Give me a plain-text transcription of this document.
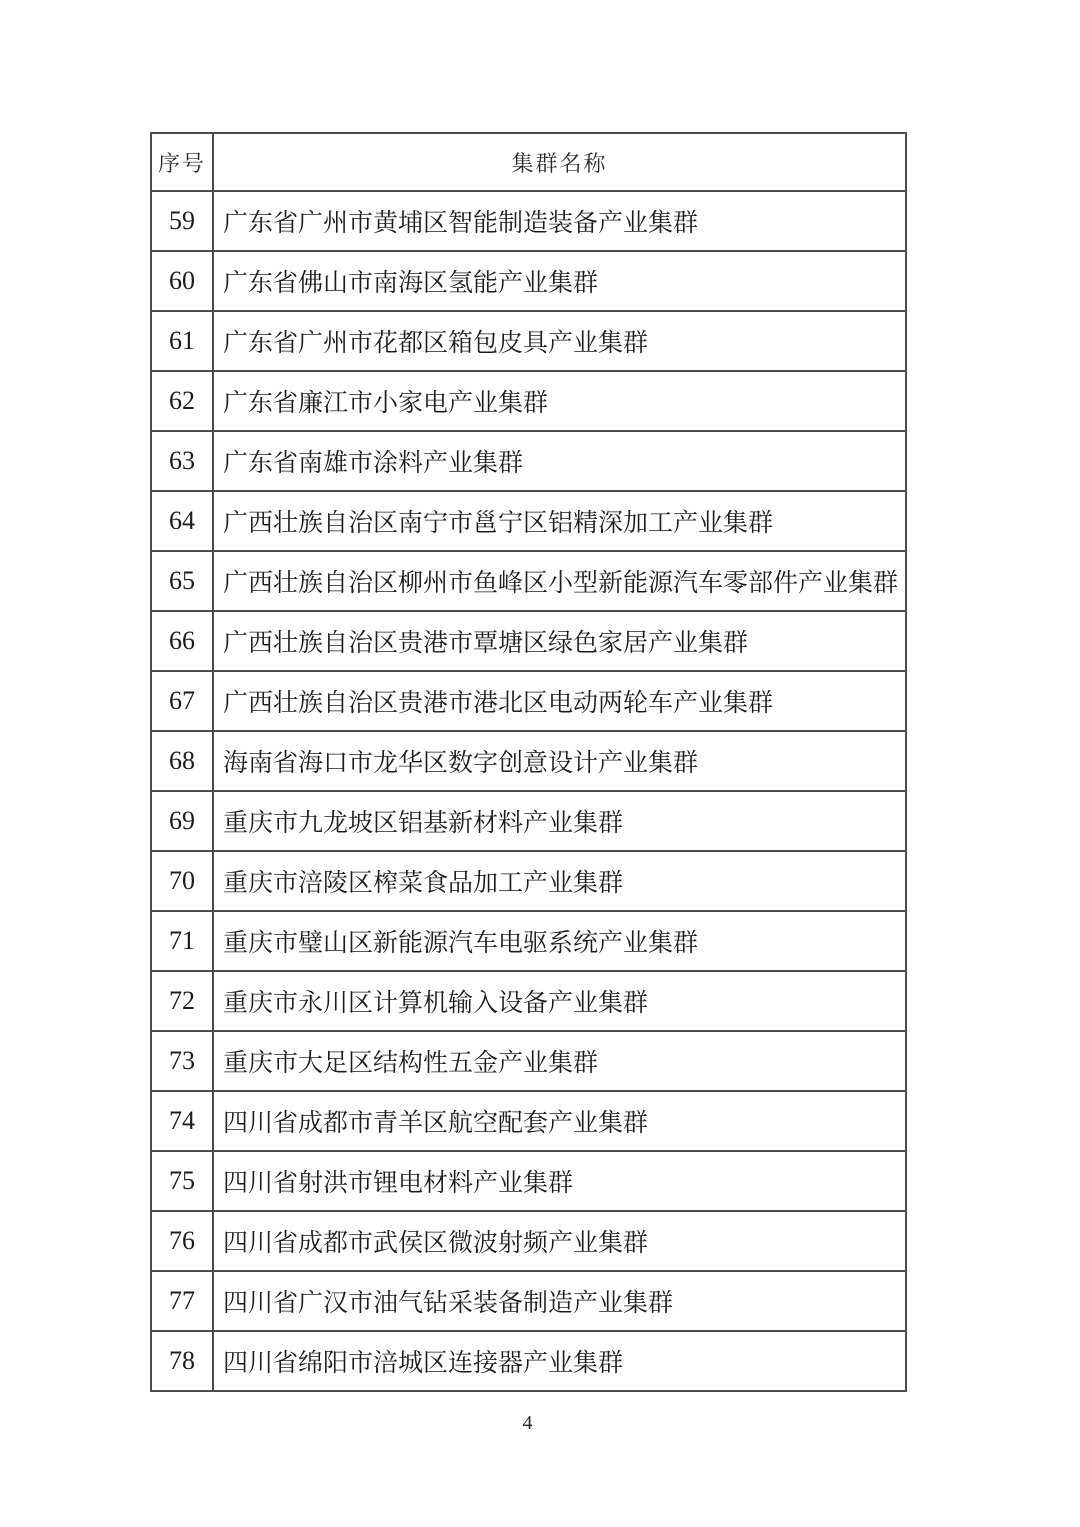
序号	集群名称
59	广东省广州市黄埔区智能制造装备产业集群
60	广东省佛山市南海区氢能产业集群
61	广东省广州市花都区箱包皮具产业集群
62	广东省廉江市小家电产业集群
63	广东省南雄市涂料产业集群
64	广西壮族自治区南宁市邕宁区铝精深加工产业集群
65	广西壮族自治区柳州市鱼峰区小型新能源汽车零部件产业集群
66	广西壮族自治区贵港市覃塘区绿色家居产业集群
67	广西壮族自治区贵港市港北区电动两轮车产业集群
68	海南省海口市龙华区数字创意设计产业集群
69	重庆市九龙坡区铝基新材料产业集群
70	重庆市涪陵区榨菜食品加工产业集群
71	重庆市璧山区新能源汽车电驱系统产业集群
72	重庆市永川区计算机输入设备产业集群
73	重庆市大足区结构性五金产业集群
74	四川省成都市青羊区航空配套产业集群
75	四川省射洪市锂电材料产业集群
76	四川省成都市武侯区微波射频产业集群
77	四川省广汉市油气钻采装备制造产业集群
78	四川省绵阳市涪城区连接器产业集群
4
